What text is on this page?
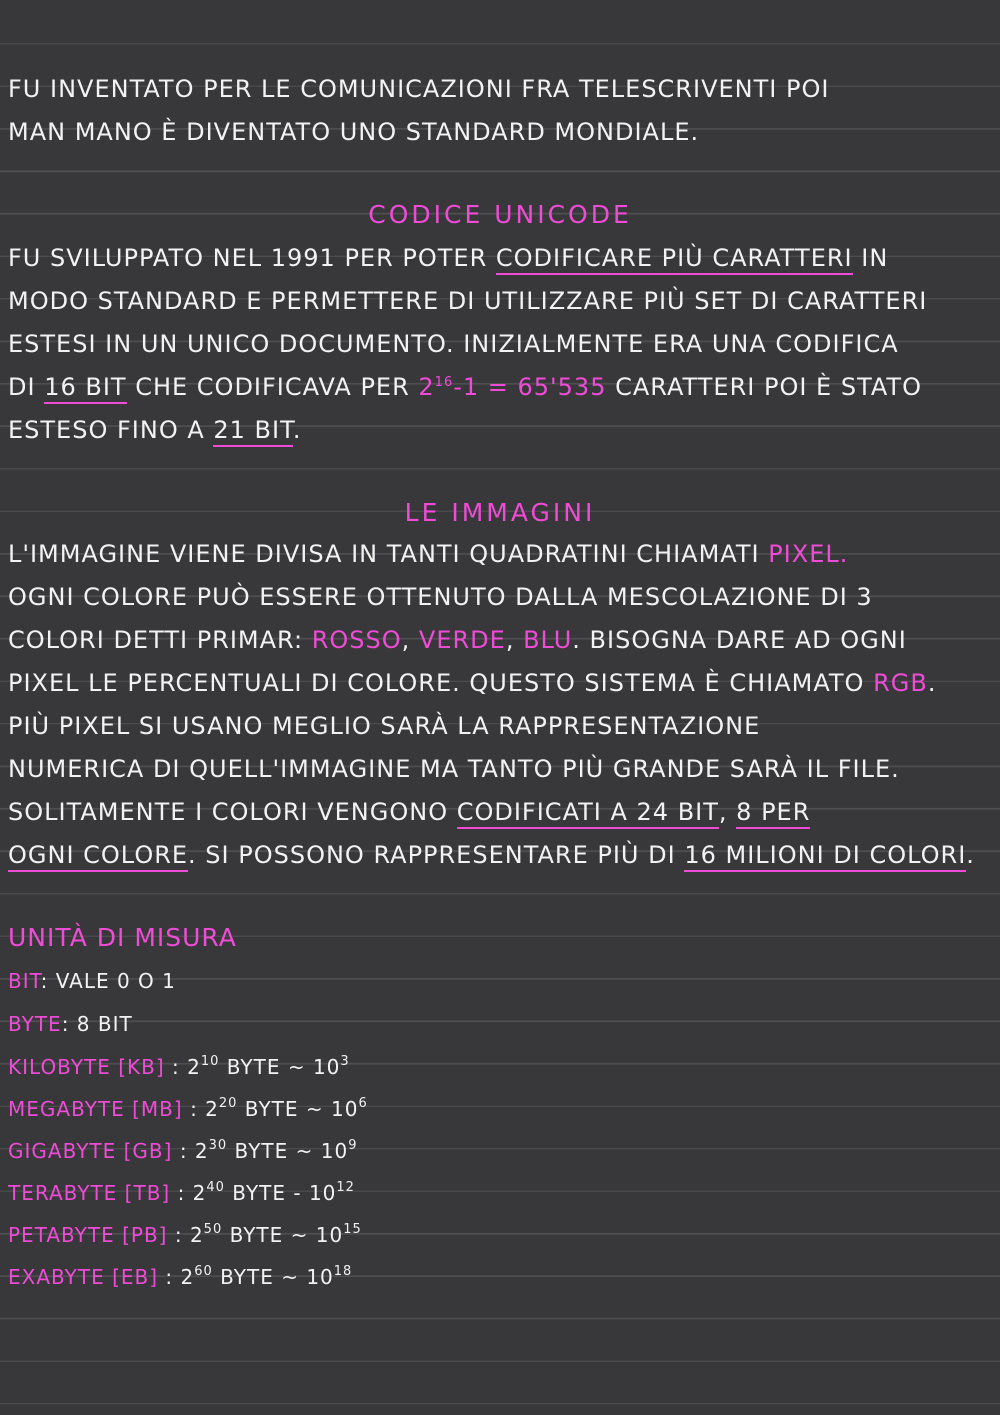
FU INVENTATO PER LE COMUNICAZIONI FRA TELESCRIVENTI POI
MAN MANO È DIVENTATO UNO STANDARD MONDIALE.
CODICE UNICODE
FU SVILUPPATO NEL 1991 PER POTER CODIFICARE PIÙ CARATTERI IN
MODO STANDARD E PERMETTERE DI UTILIZZARE PIÙ SET DI CARATTERI
ESTESI IN UN UNICO DOCUMENTO. INIZIALMENTE ERA UNA CODIFICA
DI 16 BIT CHE CODIFICAVA PER $2^{16}-1 = 65'535$ CARATTERI POI È STATO
ESTESO FINO A 21 BIT.
LE IMMAGINI
L'IMMAGINE VIENE DIVISA IN TANTI QUADRATINI CHIAMATI PIXEL.
OGNI COLORE PUÒ ESSERE OTTENUTO DALLA MESCOLAZIONE DI 3
COLORI DETTI PRIMAR: ROSSO, VERDE, BLU. BISOGNA DARE AD OGNI
PIXEL LE PERCENTUALI DI COLORE. QUESTO SISTEMA È CHIAMATO RGB.
PIÙ PIXEL SI USANO MEGLIO SARÀ LA RAPPRESENTAZIONE
NUMERICA DI QUELL'IMMAGINE MA TANTO PIÙ GRANDE SARÀ IL FILE.
SOLITAMENTE I COLORI VENGONO CODIFICATI A 24 BIT, 8 PER
OGNI COLORE. SI POSSONO RAPPRESENTARE PIÙ DI 16 MILIONI DI COLORI.
UNITÀ DI MISURA
BIT: VALE 0 O 1
BYTE: 8 BIT
KILOBYTE [KB] : $2^{10}$ BYTE ~ $10^3$
MEGABYTE [MB] : $2^{20}$ BYTE ~ $10^6$
GIGABYTE [GB] : $2^{30}$ BYTE ~ $10^9$
TERABYTE [TB] : $2^{40}$ BYTE - $10^{12}$
PETABYTE [PB] : $2^{50}$ BYTE ~ $10^{15}$
EXABYTE [EB] : $2^{60}$ BYTE ~ $10^{18}$
